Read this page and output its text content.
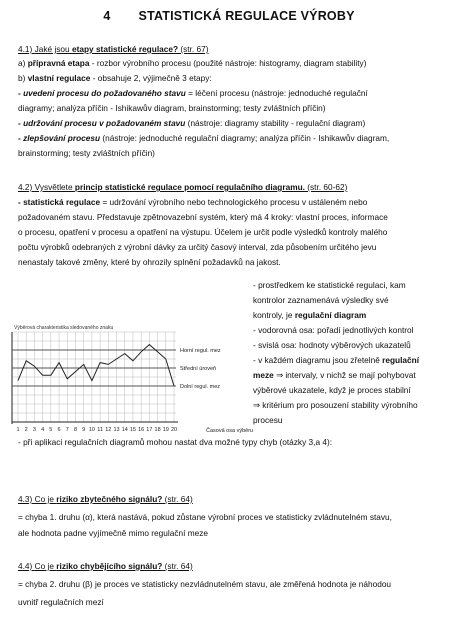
4 STATISTICKÁ REGULACE VÝROBY
4.1) Jaké jsou etapy statistické regulace? (str. 67)
a) přípravná etapa - rozbor výrobního procesu (použité nástroje: histogramy, diagram stability)
b) vlastní regulace - obsahuje 2, výjimečně 3 etapy:
- uvedení procesu do požadovaného stavu = léčení procesu (nástroje: jednoduché regulační
diagramy; analýza příčin - Ishikawův diagram, brainstorming; testy zvláštních příčin)
- udržování procesu v požadovaném stavu (nástroje: diagramy stability - regulační diagram)
- zlepšování procesu (nástroje: jednoduché regulační diagramy; analýza příčin - Ishikawův diagram,
brainstorming; testy zvláštních příčin)
4.2) Vysvětlete princip statistické regulace pomocí regulačního diagramu. (str. 60-62)
- statistická regulace = udržování výrobního nebo technologického procesu v ustáleném nebo
požadovaném stavu. Představuje zpětnovazební systém, který má 4 kroky: vlastní proces, informace
o procesu, opatření v procesu a opatření na výstupu. Účelem je určit podle výsledků kontroly malého
počtu výrobků odebraných z výrobní dávky za určitý časový interval, zda působením určitého jevu
nenastaly takové změny, které by ohrozily splnění požadavků na jakost.
- prostředkem ke statistické regulaci, kam
kontrolor zaznamenává výsledky své
kontroly, je regulační diagram
- vodorovná osa: pořadí jednotlivých kontrol
- svislá osa: hodnoty výběrových ukazatelů
- v každém diagramu jsou zřetelně regulační
meze ⇒ intervaly, v nichž se mají pohybovat
výběrové ukazatele, když je proces stabilní
⇒ kritérium pro posouzení stability výrobního
procesu
Výběrová charakteristika sledovaného znaku
Horní regul. mez
Střední úroveň
Dolní regul. mez
1 2 3 4 5 6 7 8 9 10 11 12 13 14 15 16 17 18 19 20	Časová osa výběru
- při aplikaci regulačních diagramů mohou nastat dva možné typy chyb (otázky 3,a 4):
4.3) Co je riziko zbytečného signálu? (str. 64)
= chyba 1. druhu (α), která nastává, pokud zůstane výrobní proces ve statisticky zvládnutelném stavu,
ale hodnota padne vyjímečně mimo regulační meze
4.4) Co je riziko chybějícího signálu? (str. 64)
= chyba 2. druhu (β) je proces ve statisticky nezvládnutelném stavu, ale změřená hodnota je náhodou
uvnitř regulačních mezí
